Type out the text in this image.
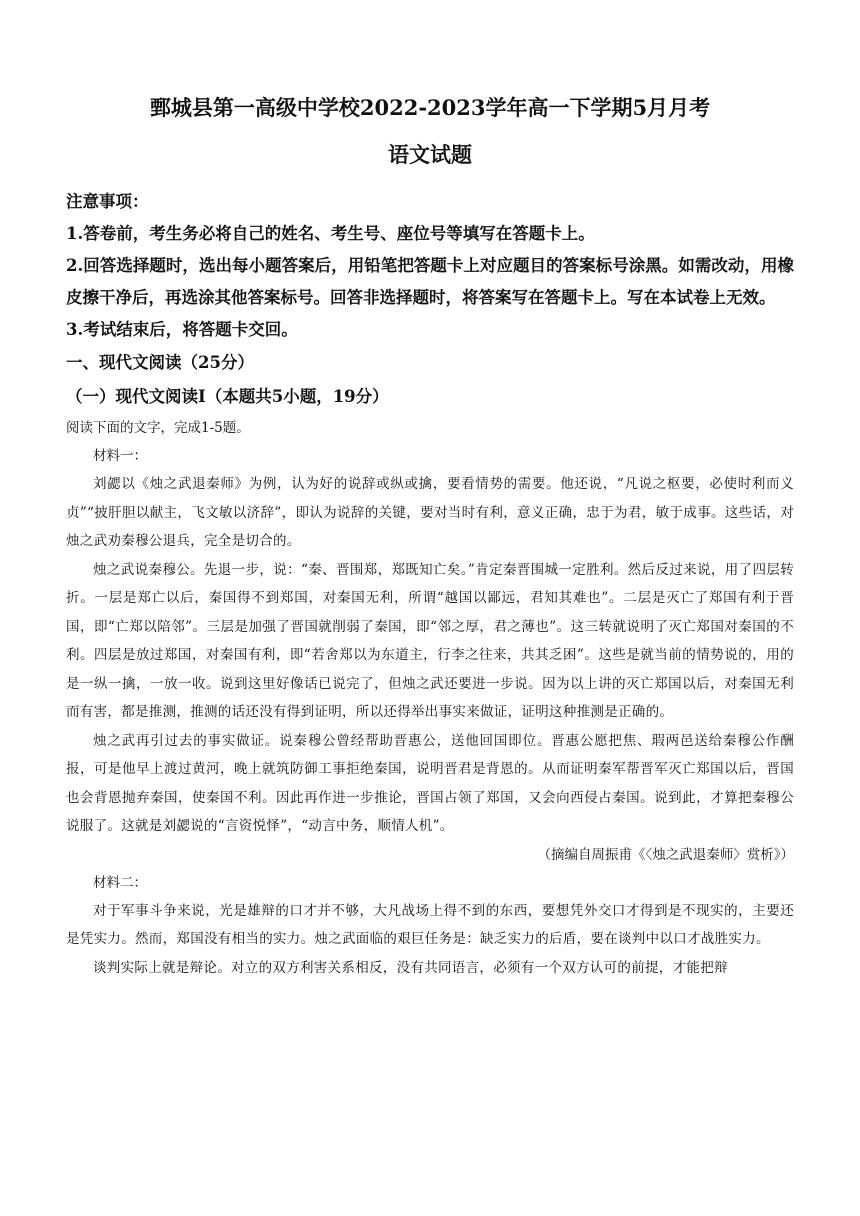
鄄城县第一高级中学校2022-2023学年高一下学期5月月考
语文试题

注意事项：

1.答卷前，考生务必将自己的姓名、考生号、座位号等填写在答题卡上。

2.回答选择题时，选出每小题答案后，用铅笔把答题卡上对应题目的答案标号涂黑。如需改动，用橡皮擦干净后，再选涂其他答案标号。回答非选择题时，将答案写在答题卡上。写在本试卷上无效。

3.考试结束后，将答题卡交回。

一、现代文阅读（25分）

（一）现代文阅读Ⅰ（本题共5小题，19分）

阅读下面的文字，完成1-5题。

材料一：

刘勰以《烛之武退秦师》为例，认为好的说辞或纵或擒，要看情势的需要。他还说，“凡说之枢要，必使时利而义贞”“披肝胆以献主，飞文敏以济辞”，即认为说辞的关键，要对当时有利，意义正确，忠于为君，敏于成事。这些话，对烛之武劝秦穆公退兵，完全是切合的。

烛之武说秦穆公。先退一步，说：“秦、晋围郑，郑既知亡矣。”肯定秦晋围城一定胜利。然后反过来说，用了四层转折。一层是郑亡以后，秦国得不到郑国，对秦国无利，所谓“越国以鄙远，君知其难也”。二层是灭亡了郑国有利于晋国，即“亡郑以陪邻”。三层是加强了晋国就削弱了秦国，即“邻之厚，君之薄也”。这三转就说明了灭亡郑国对秦国的不利。四层是放过郑国，对秦国有利，即“若舍郑以为东道主，行李之往来，共其乏困”。这些是就当前的情势说的，用的是一纵一擒，一放一收。说到这里好像话已说完了，但烛之武还要进一步说。因为以上讲的灭亡郑国以后，对秦国无利而有害，都是推测，推测的话还没有得到证明，所以还得举出事实来做证，证明这种推测是正确的。

烛之武再引过去的事实做证。说秦穆公曾经帮助晋惠公，送他回国即位。晋惠公愿把焦、瑕两邑送给秦穆公作酬报，可是他早上渡过黄河，晚上就筑防御工事拒绝秦国，说明晋君是背恩的。从而证明秦军帮晋军灭亡郑国以后，晋国也会背恩抛弃秦国，使秦国不利。因此再作进一步推论，晋国占领了郑国，又会向西侵占秦国。说到此，才算把秦穆公说服了。这就是刘勰说的“言资悦怿”，“动言中务，顺情人机”。

（摘编自周振甫《〈烛之武退秦师〉赏析》）

材料二：

对于军事斗争来说，光是雄辩的口才并不够，大凡战场上得不到的东西，要想凭外交口才得到是不现实的，主要还是凭实力。然而，郑国没有相当的实力。烛之武面临的艰巨任务是：缺乏实力的后盾，要在谈判中以口才战胜实力。

谈判实际上就是辩论。对立的双方利害关系相反，没有共同语言，必须有一个双方认可的前提，才能把辩
